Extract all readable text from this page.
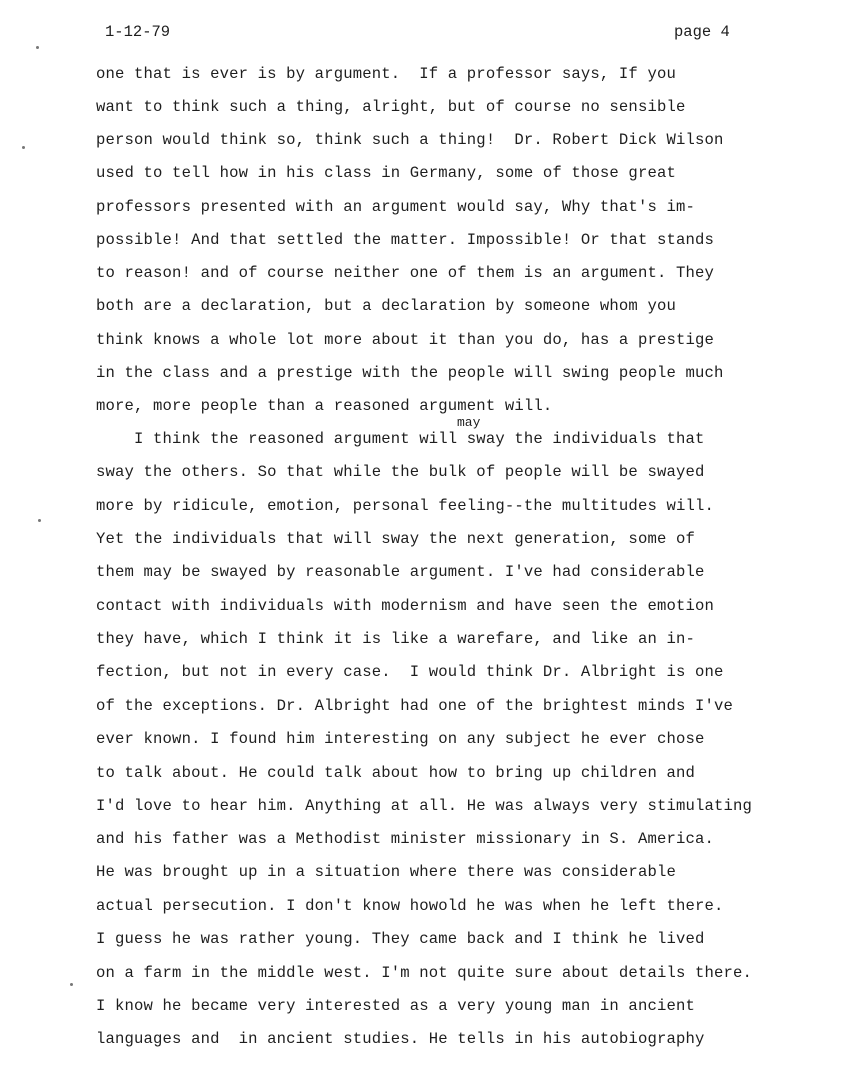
1-12-79	page 4
may
one that is ever is by argument.  If a professor says, If you
want to think such a thing, alright, but of course no sensible
person would think so, think such a thing!  Dr. Robert Dick Wilson
used to tell how in his class in Germany, some of those great
professors presented with an argument would say, Why that's im-
possible! And that settled the matter. Impossible! Or that stands
to reason! and of course neither one of them is an argument. They
both are a declaration, but a declaration by someone whom you
think knows a whole lot more about it than you do, has a prestige
in the class and a prestige with the people will swing people much
more, more people than a reasoned argument will.
I think the reasoned argument will sway the individuals that
sway the others. So that while the bulk of people will be swayed
more by ridicule, emotion, personal feeling--the multitudes will.
Yet the individuals that will sway the next generation, some of
them may be swayed by reasonable argument. I've had considerable
contact with individuals with modernism and have seen the emotion
they have, which I think it is like a warefare, and like an in-
fection, but not in every case.  I would think Dr. Albright is one
of the exceptions. Dr. Albright had one of the brightest minds I've
ever known. I found him interesting on any subject he ever chose
to talk about. He could talk about how to bring up children and
I'd love to hear him. Anything at all. He was always very stimulating
and his father was a Methodist minister missionary in S. America.
He was brought up in a situation where there was considerable
actual persecution. I don't know howold he was when he left there.
I guess he was rather young. They came back and I think he lived
on a farm in the middle west. I'm not quite sure about details there.
I know he became very interested as a very young man in ancient
languages and  in ancient studies. He tells in his autobiography
